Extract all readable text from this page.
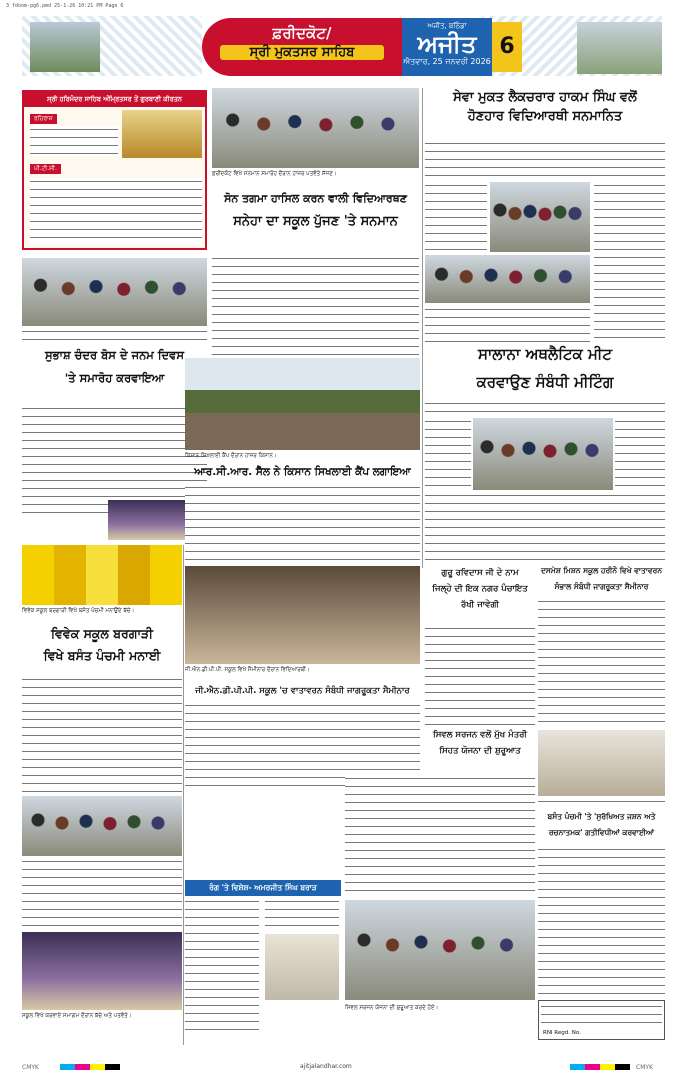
3 fdoom-pg6.pmd 25-1-26 10:21 PM Page 6
ਫ਼ਰੀਦਕੋਟ/
ਸ੍ਰੀ ਮੁਕਤਸਰ ਸਾਹਿਬ
ਅਜੀਤ, ਬਠਿੰਡਾ
ਅਜੀਤ
ਐਤਵਾਰ, 25 ਜਨਵਰੀ 2026
6
ਸ੍ਰੀ ਹਰਿਮੰਦਰ ਸਾਹਿਬ ਅੰਮ੍ਰਿਤਸਰ ਤੋਂ ਗੁਰਬਾਣੀ ਕੀਰਤਨ
ਰਹਿਰਾਸ
ਪੀ.ਟੀ.ਸੀ.
ਫ਼ਰੀਦਕੋਟ ਵਿਖੇ ਸਨਮਾਨ ਸਮਾਰੋਹ ਦੌਰਾਨ ਹਾਜ਼ਰ ਪਤਵੰਤੇ ਸੱਜਣ।
ਸੇਵਾ ਮੁਕਤ ਲੈਕਚਰਾਰ ਹਾਕਮ ਸਿੰਘ ਵਲੋਂ
ਹੋਣਹਾਰ ਵਿਦਿਆਰਥੀ ਸਨਮਾਨਿਤ
ਸੋਨ ਤਗਮਾ ਹਾਸਿਲ ਕਰਨ ਵਾਲੀ ਵਿਦਿਆਰਥਣ
ਸਨੇਹਾ ਦਾ ਸਕੂਲ ਪੁੱਜਣ 'ਤੇ ਸਨਮਾਨ
ਸੁਭਾਸ਼ ਚੰਦਰ ਬੋਸ ਦੇ ਜਨਮ ਦਿਵਸ
'ਤੇ ਸਮਾਰੋਹ ਕਰਵਾਇਆ
ਕਿਸਾਨ ਸਿਖਲਾਈ ਕੈਂਪ ਦੌਰਾਨ ਹਾਜ਼ਰ ਕਿਸਾਨ।
ਆਰ.ਸੀ.ਆਰ. ਸੈੱਲ ਨੇ ਕਿਸਾਨ ਸਿਖਲਾਈ ਕੈਂਪ ਲਗਾਇਆ
ਸਾਲਾਨਾ ਅਥਲੈਟਿਕ ਮੀਟ
ਕਰਵਾਉਣ ਸੰਬੰਧੀ ਮੀਟਿੰਗ
ਵਿਵੇਕ ਸਕੂਲ ਬਰਗਾੜੀ ਵਿਖੇ ਬਸੰਤ ਪੰਚਮੀ ਮਨਾਉਂਦੇ ਬੱਚੇ।
ਵਿਵੇਕ ਸਕੂਲ ਬਰਗਾੜੀ
ਵਿਖੇ ਬਸੰਤ ਪੰਚਮੀ ਮਨਾਈ
ਜੀ.ਐਨ.ਡੀ.ਪੀ.ਪੀ. ਸਕੂਲ ਵਿਖੇ ਸੈਮੀਨਾਰ ਦੌਰਾਨ ਵਿਦਿਆਰਥੀ।
ਗੁਰੂ ਰਵਿਦਾਸ ਜੀ ਦੇ ਨਾਮ
ਜਿਲ੍ਹੇ ਦੀ ਇਕ ਨਗਰ ਪੰਚਾਇਤ
ਰੱਖੀ ਜਾਵੇਗੀ
ਦਸਮੇਸ਼ ਮਿਸ਼ਨ ਸਕੂਲ ਹਰੀਨੌ ਵਿਖੇ ਵਾਤਾਵਰਨ
ਸੰਭਾਲ ਸੰਬੰਧੀ ਜਾਗਰੂਕਤਾ ਸੈਮੀਨਾਰ
ਜੀ.ਐਨ.ਡੀ.ਪੀ.ਪੀ. ਸਕੂਲ 'ਚ ਵਾਤਾਵਰਨ ਸੰਬੰਧੀ ਜਾਗਰੂਕਤਾ ਸੈਮੀਨਾਰ
ਸਿਵਲ ਸਰਜਨ ਵਲੋਂ ਮੁੱਖ ਮੰਤਰੀ
ਸਿਹਤ ਯੋਜਨਾ ਦੀ ਸ਼ੁਰੂਆਤ
ਸਕੂਲ ਵਿਖੇ ਕਰਵਾਏ ਸਮਾਗਮ ਦੌਰਾਨ ਬੱਚੇ ਅਤੇ ਪਤਵੰਤੇ।
ਰੰਗ 'ਤੇ ਵਿਸ਼ੇਸ਼- ਅਮਰਜੀਤ ਸਿੰਘ ਬਰਾੜ
ਸਿਵਲ ਸਰਜਨ ਯੋਜਨਾ ਦੀ ਸ਼ੁਰੂਆਤ ਕਰਦੇ ਹੋਏ।
ਬਸੰਤ ਪੰਚਮੀ 'ਤੇ 'ਸੁਰੱਖਿਅਤ ਜਸ਼ਨ ਅਤੇ
ਰਚਨਾਤਮਕ' ਗਤੀਵਿਧੀਆਂ ਕਰਵਾਈਆਂ
RNI Regd. No.
CMYK	ajitjalandhar.com	CMYK
